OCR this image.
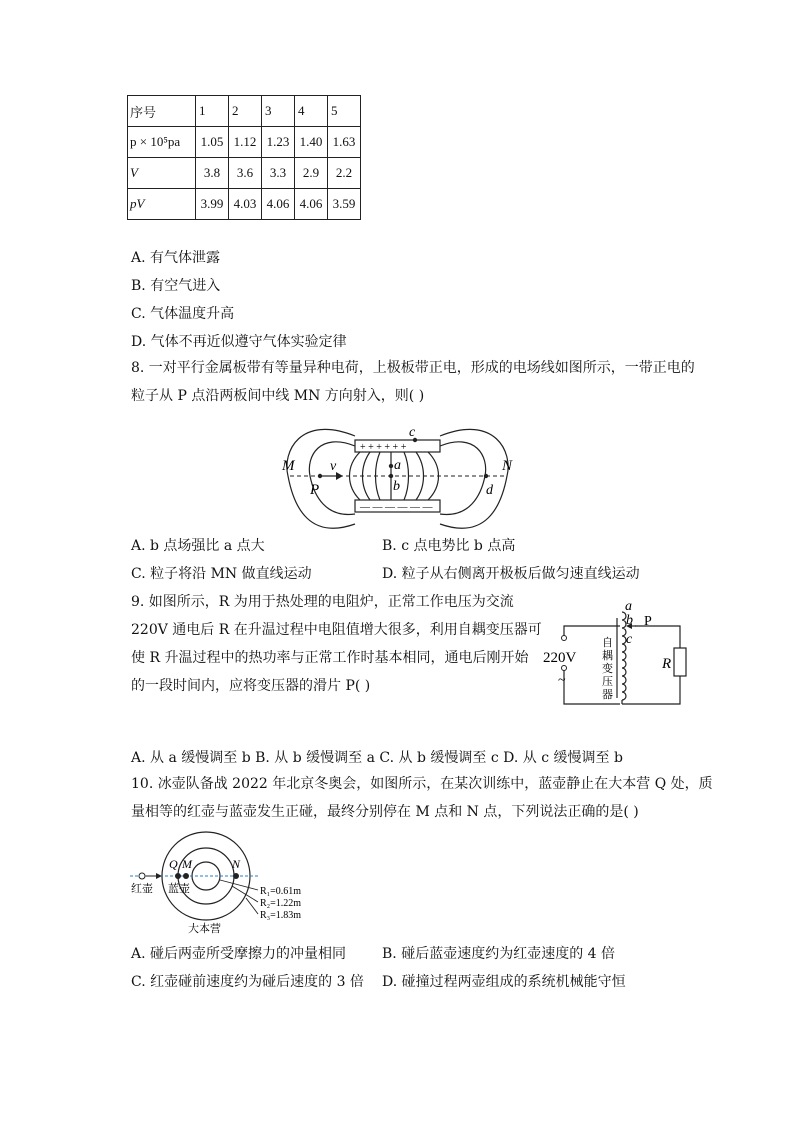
序号	1	2	3	4	5
p × 10⁵pa	1.05	1.12	1.23	1.40	1.63
V	3.8	3.6	3.3	2.9	2.2
pV	3.99	4.03	4.06	4.06	3.59
A. 有气体泄露
B. 有空气进入
C. 气体温度升高
D. 气体不再近似遵守气体实验定律
8. 一对平行金属板带有等量异种电荷，上极板带正电，形成的电场线如图所示，一带正电的
粒子从 P 点沿两板间中线 MN 方向射入，则( )
+ + + + + +
— — — — — —
M	N
P
v	a
b
c
d
A. b 点场强比 a 点大	B. c 点电势比 b 点高
C. 粒子将沿 MN 做直线运动	D. 粒子从右侧离开极板后做匀速直线运动
9. 如图所示，R 为用于热处理的电阻炉，正常工作电压为交流
220V 通电后 R 在升温过程中电阻值增大很多，利用自耦变压器可
使 R 升温过程中的热功率与正常工作时基本相同，通电后刚开始
的一段时间内，应将变压器的滑片 P( )
a
b P
c
220V
~
R
自
耦
变
压
器
A. 从 a 缓慢调至 b B. 从 b 缓慢调至 a C. 从 b 缓慢调至 c D. 从 c 缓慢调至 b
10. 冰壶队备战 2022 年北京冬奥会，如图所示，在某次训练中，蓝壶静止在大本营 Q 处，质
量相等的红壶与蓝壶发生正碰，最终分别停在 M 点和 N 点，下列说法正确的是( )
Q M	N
红壶 蓝壶
大本营
R₁=0.61m
R₂=1.22m
R₃=1.83m
A. 碰后两壶所受摩擦力的冲量相同	B. 碰后蓝壶速度约为红壶速度的 4 倍
C. 红壶碰前速度约为碰后速度的 3 倍 D. 碰撞过程两壶组成的系统机械能守恒
